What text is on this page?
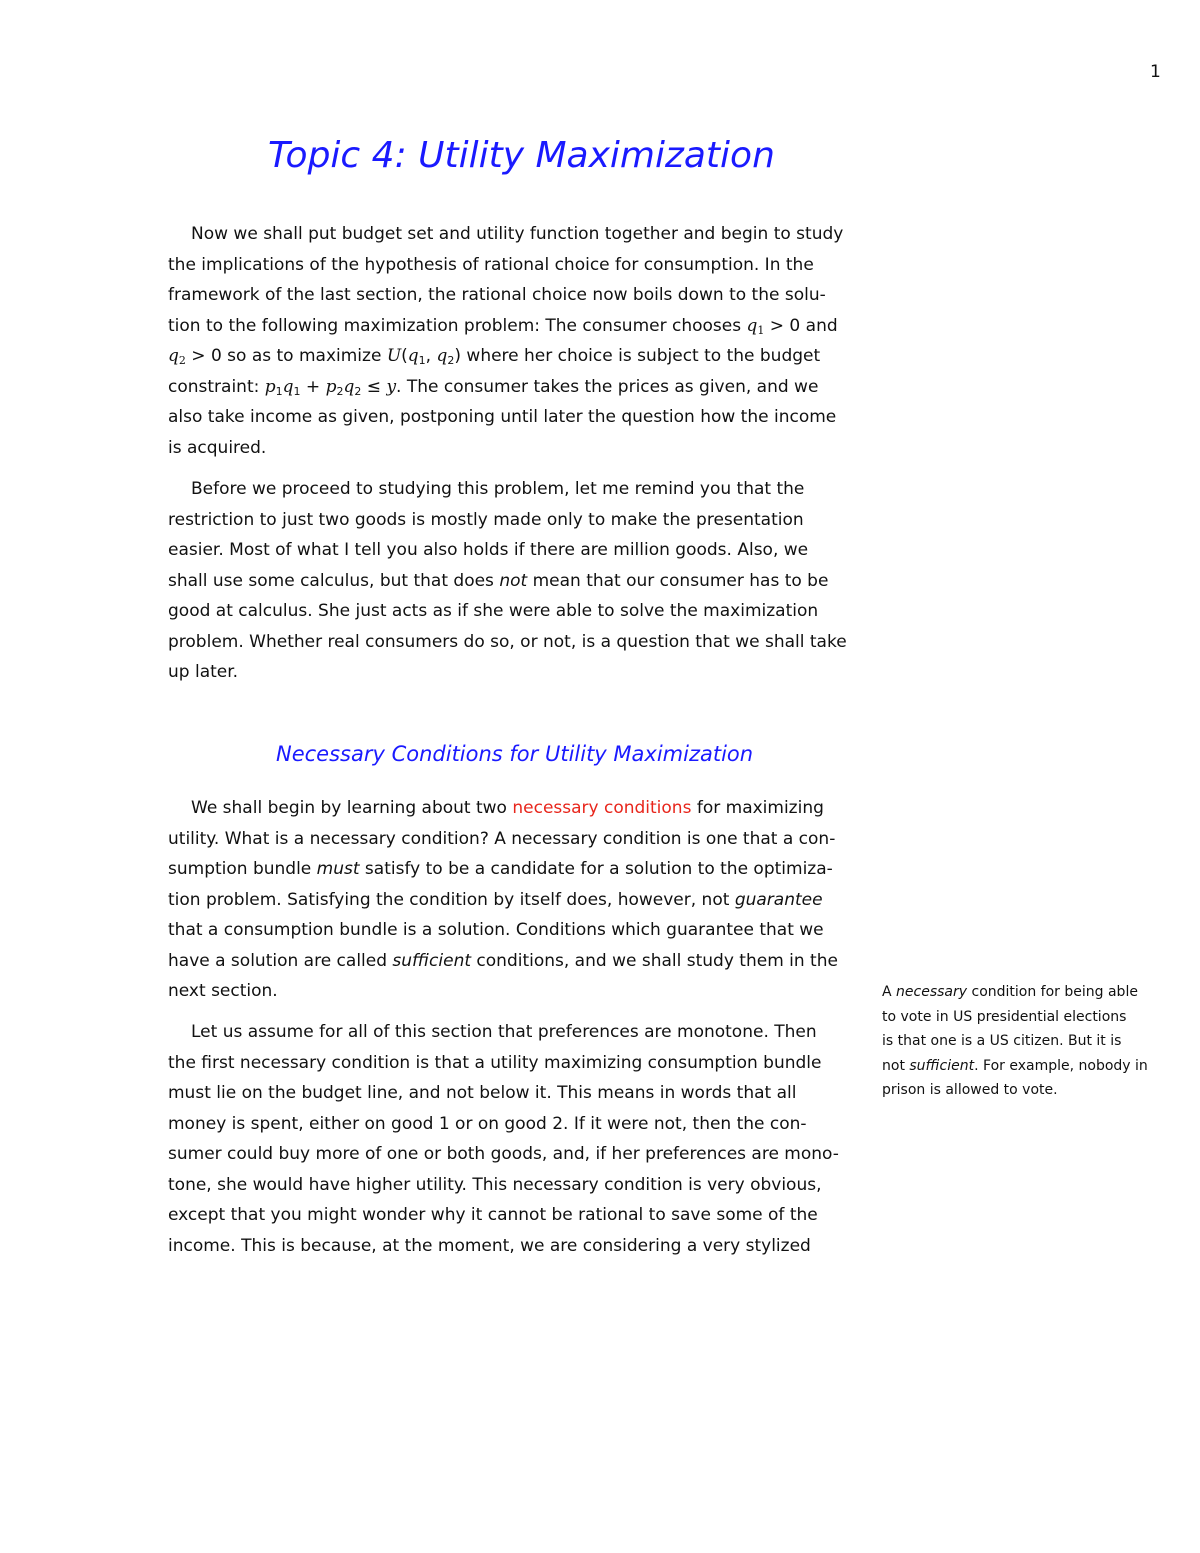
1
Topic 4: Utility Maximization
Now we shall put budget set and utility function together and begin to study
the implications of the hypothesis of rational choice for consumption. In the
framework of the last section, the rational choice now boils down to the solu-
tion to the following maximization problem: The consumer chooses $q_1 > 0$ and
$q_2 > 0$ so as to maximize $U(q_1$, $q_2$) where her choice is subject to the budget
constraint: $p_1q_1 + p_2q_2 \le y$. The consumer takes the prices as given, and we
also take income as given, postponing until later the question how the income
is acquired.
Before we proceed to studying this problem, let me remind you that the
restriction to just two goods is mostly made only to make the presentation
easier. Most of what I tell you also holds if there are million goods. Also, we
shall use some calculus, but that does not mean that our consumer has to be
good at calculus. She just acts as if she were able to solve the maximization
problem. Whether real consumers do so, or not, is a question that we shall take
up later.
Necessary Conditions for Utility Maximization
We shall begin by learning about two necessary conditions for maximizing
utility. What is a necessary condition? A necessary condition is one that a con-
sumption bundle must satisfy to be a candidate for a solution to the optimiza-
tion problem. Satisfying the condition by itself does, however, not guarantee
that a consumption bundle is a solution. Conditions which guarantee that we
have a solution are called sufficient conditions, and we shall study them in the
next section.
Let us assume for all of this section that preferences are monotone. Then
the first necessary condition is that a utility maximizing consumption bundle
must lie on the budget line, and not below it. This means in words that all
money is spent, either on good 1 or on good 2. If it were not, then the con-
sumer could buy more of one or both goods, and, if her preferences are mono-
tone, she would have higher utility. This necessary condition is very obvious,
except that you might wonder why it cannot be rational to save some of the
income. This is because, at the moment, we are considering a very stylized
A necessary condition for being able
to vote in US presidential elections
is that one is a US citizen. But it is
not sufficient. For example, nobody in
prison is allowed to vote.
